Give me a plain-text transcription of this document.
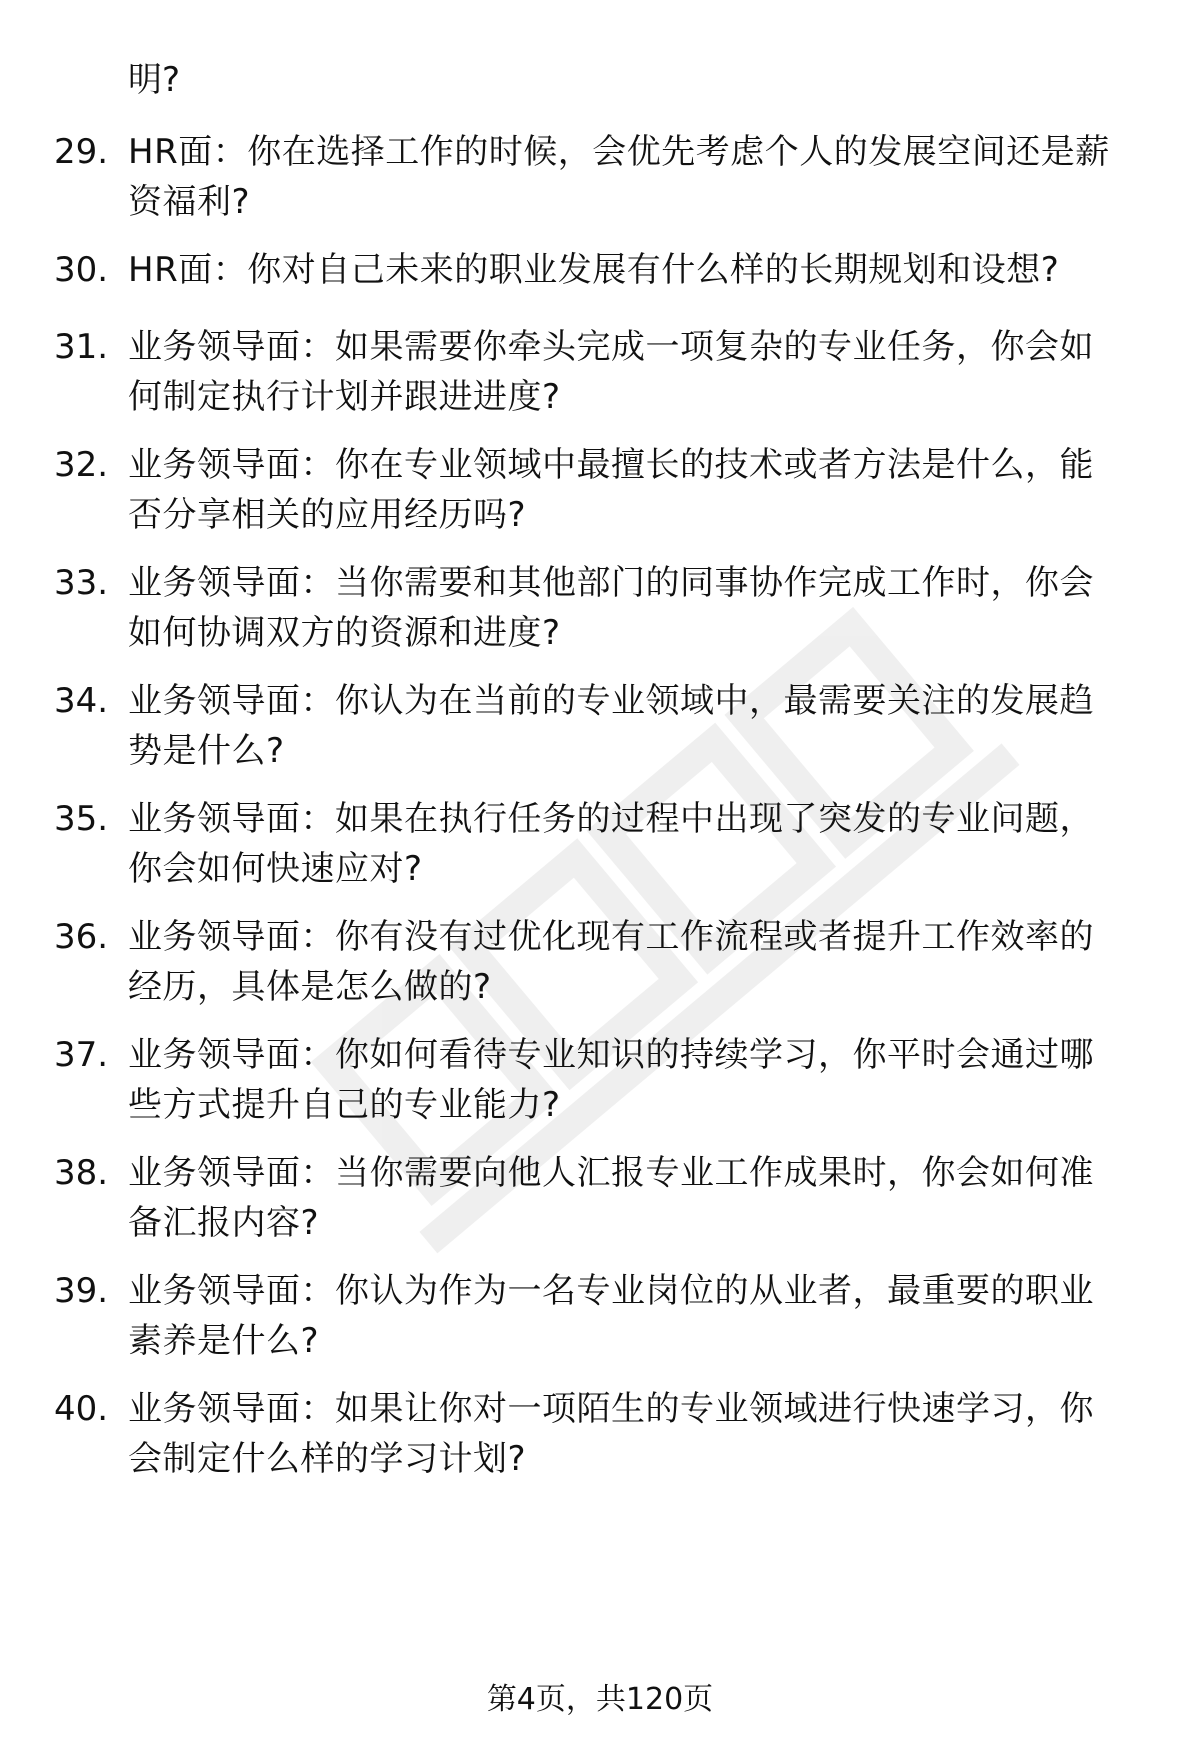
明?
29. HR面：你在选择工作的时候，会优先考虑个人的发展空间还是薪
资福利?
30. HR面：你对自己未来的职业发展有什么样的长期规划和设想?
31. 业务领导面：如果需要你牵头完成一项复杂的专业任务，你会如
何制定执行计划并跟进进度?
32. 业务领导面：你在专业领域中最擅长的技术或者方法是什么，能
否分享相关的应用经历吗?
33. 业务领导面：当你需要和其他部门的同事协作完成工作时，你会
如何协调双方的资源和进度?
34. 业务领导面：你认为在当前的专业领域中，最需要关注的发展趋
势是什么?
35. 业务领导面：如果在执行任务的过程中出现了突发的专业问题，
你会如何快速应对?
36. 业务领导面：你有没有过优化现有工作流程或者提升工作效率的
经历，具体是怎么做的?
37. 业务领导面：你如何看待专业知识的持续学习，你平时会通过哪
些方式提升自己的专业能力?
38. 业务领导面：当你需要向他人汇报专业工作成果时，你会如何准
备汇报内容?
39. 业务领导面：你认为作为一名专业岗位的从业者，最重要的职业
素养是什么?
40. 业务领导面：如果让你对一项陌生的专业领域进行快速学习，你
会制定什么样的学习计划?
第4页，共120页
